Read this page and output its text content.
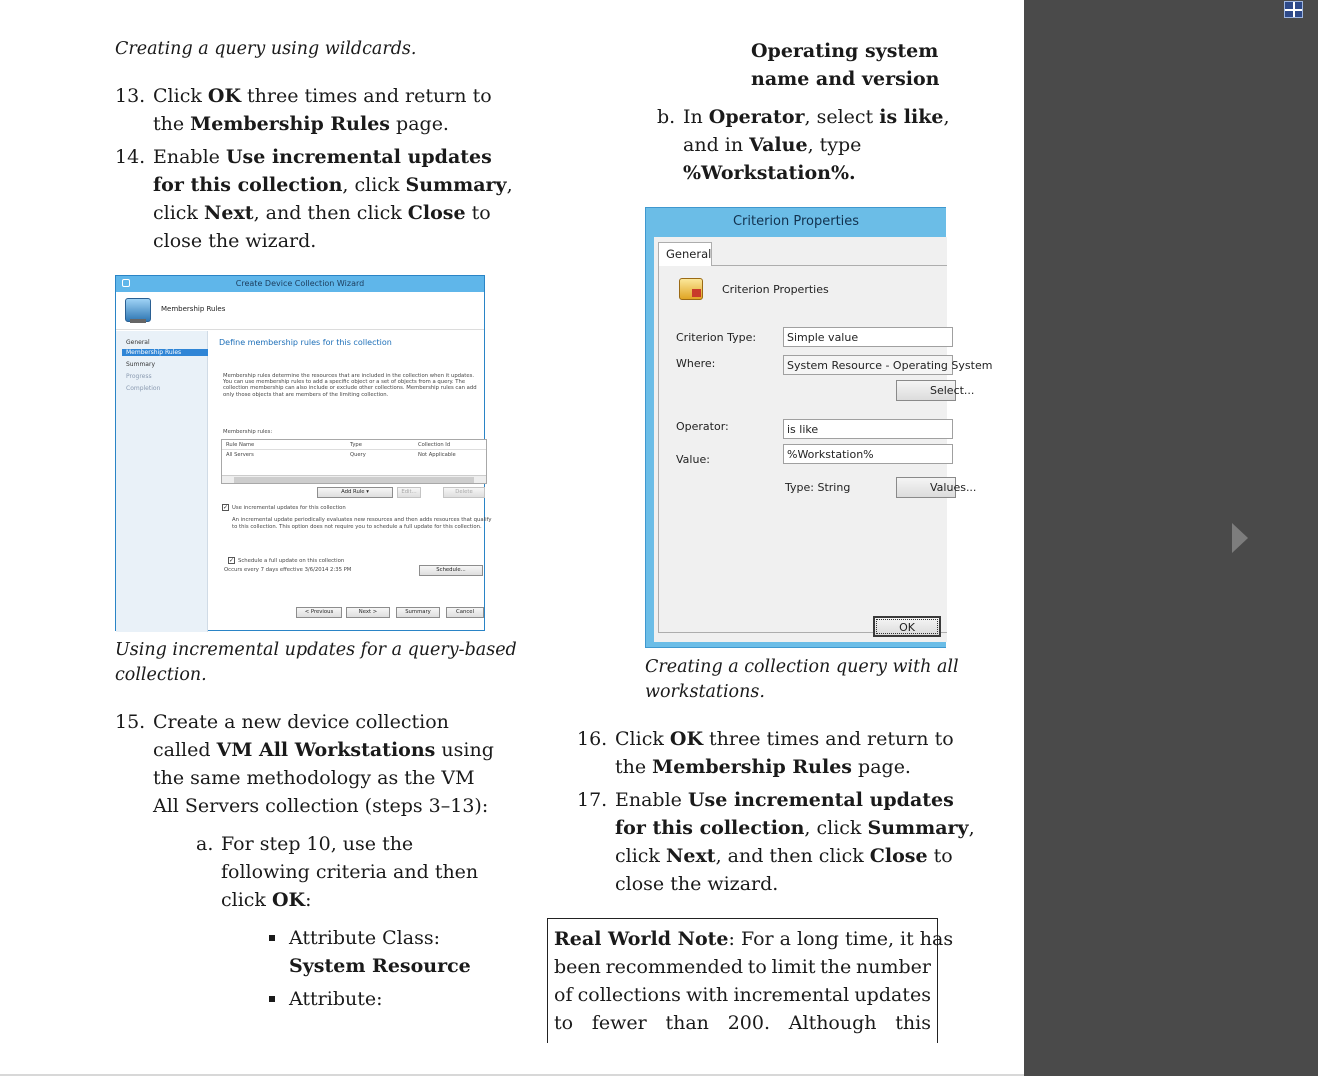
Creating a query using wildcards.
13. Click OK three times and return to
the Membership Rules page.
14. Enable Use incremental updates
for this collection, click Summary,
click Next, and then click Close to
close the wizard.
Create Device Collection Wizard
Membership Rules
General
Membership Rules
Summary
Progress
Completion
Define membership rules for this collection
Membership rules determine the resources that are included in the collection when it updates. You can use membership rules to add a specific object or a set of objects from a query. The collection membership can also include or exclude other collections. Membership rules can add only those objects that are members of the limiting collection.
Membership rules:
Rule Name	Type	Collection Id
All Servers	Query	Not Applicable
Add Rule ▾	Edit...	Delete
✓ Use incremental updates for this collection
An incremental update periodically evaluates new resources and then adds resources that qualify
to this collection. This option does not require you to schedule a full update for this collection.
✓ Schedule a full update on this collection
Occurs every 7 days effective 3/6/2014 2:35 PM	Schedule...
< Previous	Next >	Summary	Cancel
Using incremental updates for a query-based
collection.
15. Create a new device collection
called VM All Workstations using
the same methodology as the VM
All Servers collection (steps 3–13):
a. For step 10, use the
following criteria and then
click OK:
Attribute Class:
System Resource
Attribute:
Operating system
name and version
b. In Operator, select is like,
and in Value, type
%Workstation%.
Criterion Properties
General
Criterion Properties
Criterion Type:	Simple value
Where:	System Resource - Operating System
Select...
Operator:	is like
Value:	%Workstation%
Type: String	Values...
OK
Creating a collection query with all
workstations.
16. Click OK three times and return to
the Membership Rules page.
17. Enable Use incremental updates
for this collection, click Summary,
click Next, and then click Close to
close the wizard.
Real World Note: For a long time, it has
been recommended to limit the number
of collections with incremental updates
to fewer than 200. Although this
